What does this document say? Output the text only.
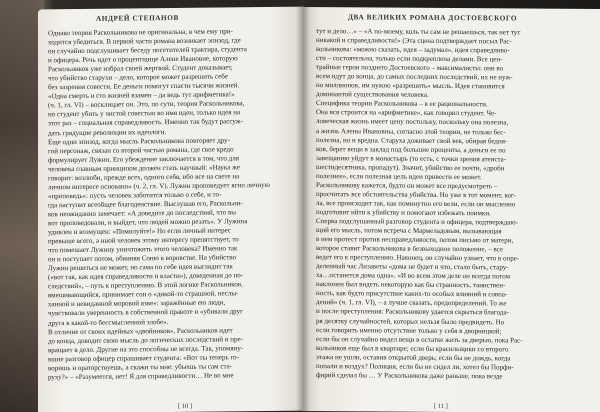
АНДРЕЙ СТЕПАНОВ
Однако теория Раскольникова не оригинальна, в чем ему при-
ходится убедиться. В первой части романа возникает эпизод, где
он случайно подслушивает беседу посетителей трактира, студента
и офицера. Речь идет о процентщице Алене Ивановне, которую
Раскольников уже избрал своей жертвой. Студент доказывает,
что убийство старухи – дело, которое может разрешить себе
без зазрения совести. Ее деньги помогут спасти тысячи жизней.
«Одна смерть и сто жизней взамен – да ведь тут арифметика!»
(ч. 1, гл. VI) – восклицает он. Это, по сути, теория Раскольникова,
но студент убить у чистой совестью во имя идеи, только идея на
этот раз – социальная справедливость. Именно так будут рассуж-
дать грядущие революции их идеологи.
Еще один эпизод, когда мысль Раскольникова повторяет дру-
гой персонаж, связан со второй частью романа, где свое кредо
формулирует Лужин. Его убеждение заключается в том, что для
человека главным принципом должен стать научный: «Наука же
говорит: возлюби, прежде всех, одного себя, ибо все на свете на
личном интересе основано» (ч. 2, гл. V). Лужин проповедует ясно личную
«проповедь»: пусть человек заботится только о себе, и то-
гда наступит всеобщее благоденствие. Выслушав его, Раскольни-
ков неожиданно замечает: «А доведите до последствий, что вы
вот проповедовали, и выйдет, что людей можно резать». У Лужина
удивлен и возмущен: «Помилуйте!» Но если личный интерес
превыше всего, а иной человек этому интересу препятствует, то
что помешает Лужину уничтожить этого человека? Именно так
он и поступает потом, обвиняя Соню в воровстве. На убийство
Лужин решиться не может, но сама по себе идея выглядит так
(«вот так, как идея справедливости и власти»), доведенная до по-
следствий», – путь к преступлению. В этой логике Раскольников,
вмешивающийся, принимает сон о «дикой-то страшной, неслы-
ханной и невиданной моровой язве»: заражённые ею люди,
чувствовали уверенность в собственной правоте и «убивали друг
друга в какой-то бессмысленной злобе».
В отличие от своих идейных «двойников», Раскольников идет
до конца, доводит свою мысль до логических последствий и пре-
вращает в дело. Другие на это способны не всегда. Так, упомяну-
вшие разговор офицер спрашивает студента: «Вот ты теперь го-
воришь и ораторствуешь, а скажи ты мне: убьешь ты сам ста-
руху?» – «Разумеется, нет! Я для справедливости… Не во мне
[ 10 ]
ДВА ВЕЛИКИХ РОМАНА ДОСТОЕВСКОГО
тут и дело…» – «А по-моему, коль ты сам не решаешься, так нет тут
никакой и справедливости!» (Эта сцена подтверждает посыл Рас-
кольникова: «можно сказать, идея – задумал», идея справедливо-
сти – состоятельна, только если подкреплена делами. Все цен-
трайные герои позднего Достоевского – максималисты: они во
всем идут до конца, до самых последних последствий, их не нуж-
но миллионов, им нужно «разрешить» мысль. Идея становится
доминантой существования человека.
Специфика теории Раскольникова – в ее рациональности.
Она вся строится на «арифметике», как говорил студент. Че-
ловеческая жизнь имеет цену постольку, поскольку она полезна,
а жизнь Алены Ивановны, согласно этой теории, не только бес-
полезна, но и вредна. Старуха доживает свой век, обирая бедня-
ков, берет вещи в заклад под большие проценты, а деньги ее по
завещанию уйдут в монастырь (то есть, с точки зрения атеиста-
шестидесятника, пропадут). Значит, убийство ее почти, «дроби
полезнее», если полезная цель идеи привести ее может.
Раскольникову кажется, будто он может все предусмотреть –
просчитать все обстоятельства убийства. Но уже в тот момент, ког-
ла, все происходит так, как поминутно его вели, если он мысленно
подготовит ийти к убийству и помогают избежать поимки.
Сперва подслушанный разговор студента и офицера, подтверждаю-
щий его мысль, потом встреча с Мармеладовым, вызывающая
в нем протест против несправедливости, потом письмо от матери,
которое ставит Раскольникова в безвыходное положение, – все
ведет его к преступлению. Наконец, он случайно узнает, что в опре-
деленный час Лизаветы «дома не будет и что, стало быть, стару-
ха…останется дома одна». «И во всем этом деле он всегда потом
наклонен был видеть некоторую как бы странность, таинствен-
ность, как будто присутствие каких-то особых влияний и совпа-
дений» (ч. 1, гл. VI), – а лучше сказать, предопределений. То же
и после преступления: Раскольникову удается скрыться благода-
ря десятку случайностей, которых нельзя было предвидеть. Но
если говорить именно отсутствие только у себя в дворницкой;
если бы он случайно видел вещи в остатке жить за дверью, пока Рас-
кольников еще был в квартире; если бы красильщики со второго
этажа не ушли, оставив открытой дверь; если бы не дождь, когда
попали и воздух? Полиция, если бы не сидел ли, хотел бы Порфи-
фирий сделал бы … У Раскольникова даже раньше, пока везде
[ 11 ]
